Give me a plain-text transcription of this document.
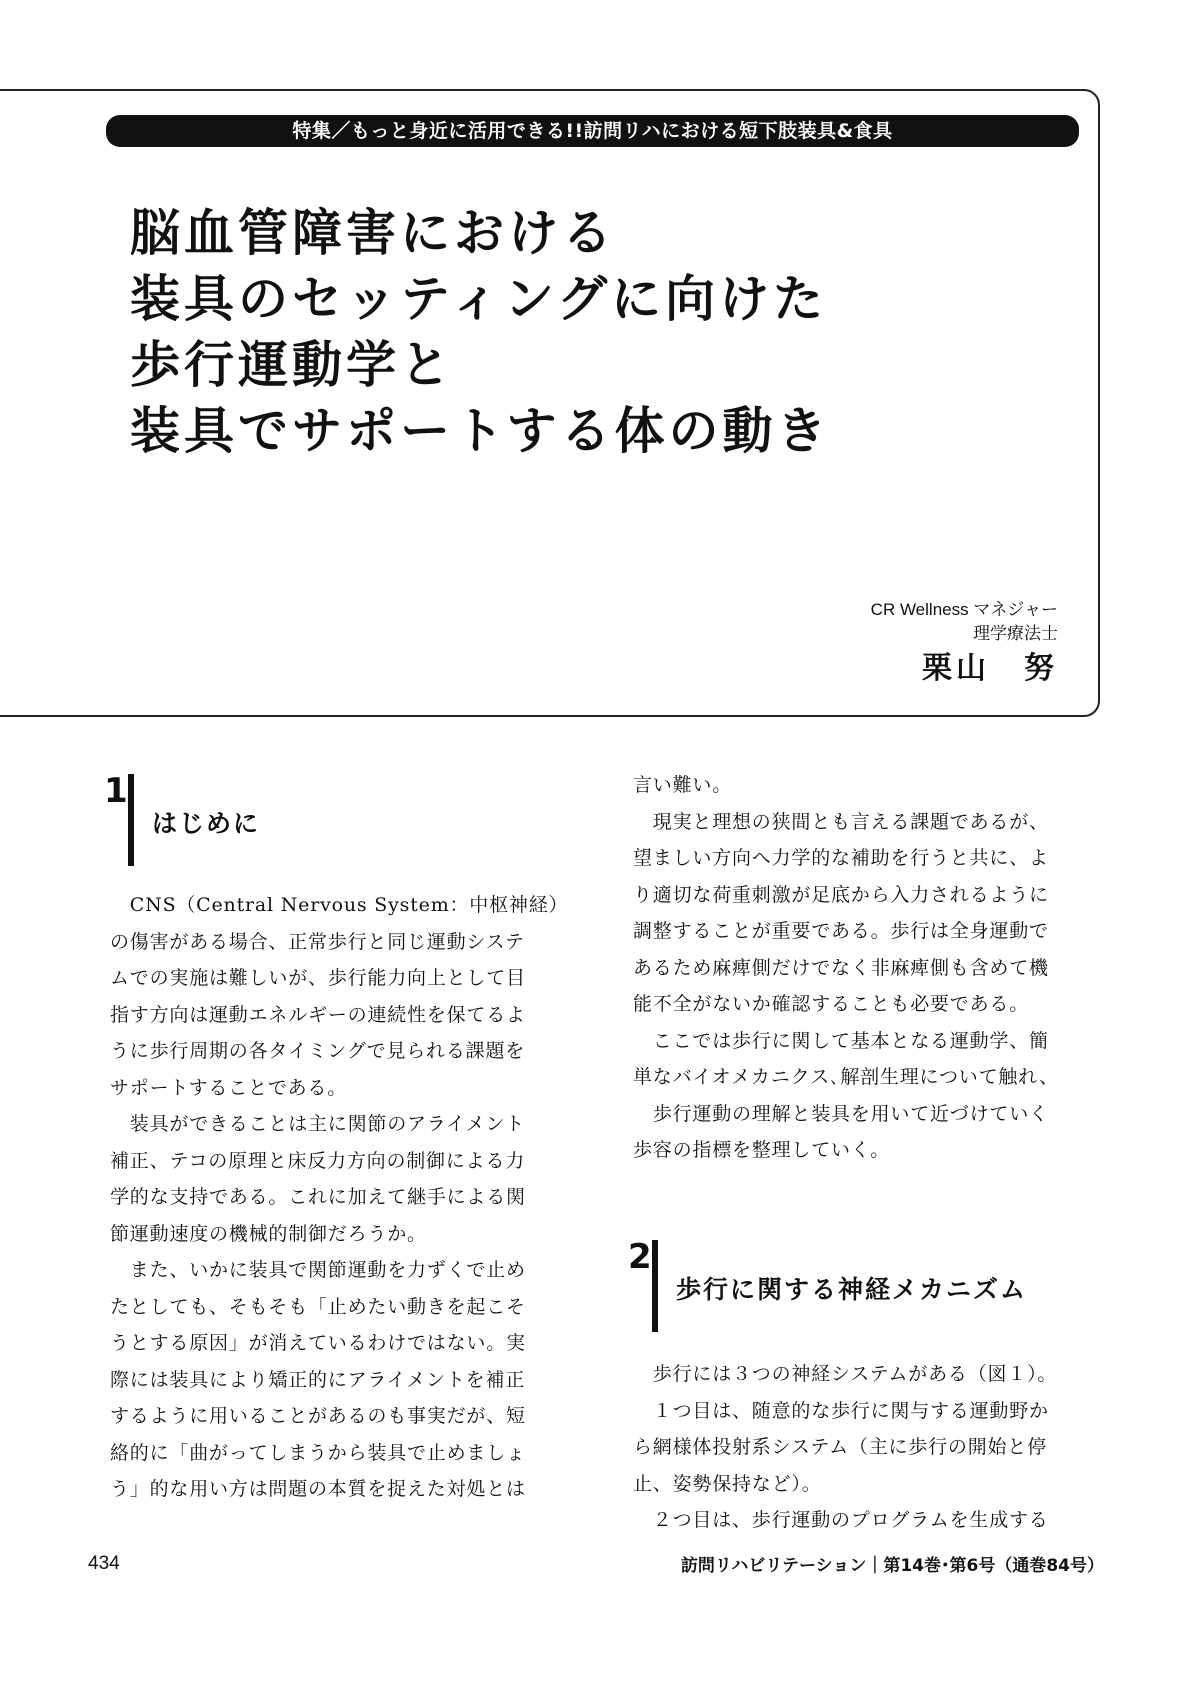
特集／もっと身近に活用できる!!訪問リハにおける短下肢装具&食具
脳血管障害における
装具のセッティングに向けた
歩行運動学と
装具でサポートする体の動き
CR Wellness マネジャー
理学療法士
栗山　努
1
はじめに

　CNS（Central Nervous System：中枢神経）

の傷害がある場合、正常歩行と同じ運動システ

ムでの実施は難しいが、歩行能力向上として目

指す方向は運動エネルギーの連続性を保てるよ

うに歩行周期の各タイミングで見られる課題を

サポートすることである。

　装具ができることは主に関節のアライメント

補正、テコの原理と床反力方向の制御による力

学的な支持である。これに加えて継手による関

節運動速度の機械的制御だろうか。

　また、いかに装具で関節運動を力ずくで止め

たとしても、そもそも「止めたい動きを起こそ

うとする原因」が消えているわけではない。実

際には装具により矯正的にアライメントを補正

するように用いることがあるのも事実だが、短

絡的に「曲がってしまうから装具で止めましょ

う」的な用い方は問題の本質を捉えた対処とは

言い難い。

　現実と理想の狭間とも言える課題であるが、

望ましい方向へ力学的な補助を行うと共に、よ

り適切な荷重刺激が足底から入力されるように

調整することが重要である。歩行は全身運動で

あるため麻痺側だけでなく非麻痺側も含めて機

能不全がないか確認することも必要である。

　ここでは歩行に関して基本となる運動学、簡

単なバイオメカニクス､解剖生理について触れ、

　歩行運動の理解と装具を用いて近づけていく

歩容の指標を整理していく。

2
歩行に関する神経メカニズム

　歩行には３つの神経システムがある（図１）。

　１つ目は、随意的な歩行に関与する運動野か

ら網様体投射系システム（主に歩行の開始と停

止、姿勢保持など）。

　２つ目は、歩行運動のプログラムを生成する

434	訪問リハビリテーション｜第14巻･第6号（通巻84号）
